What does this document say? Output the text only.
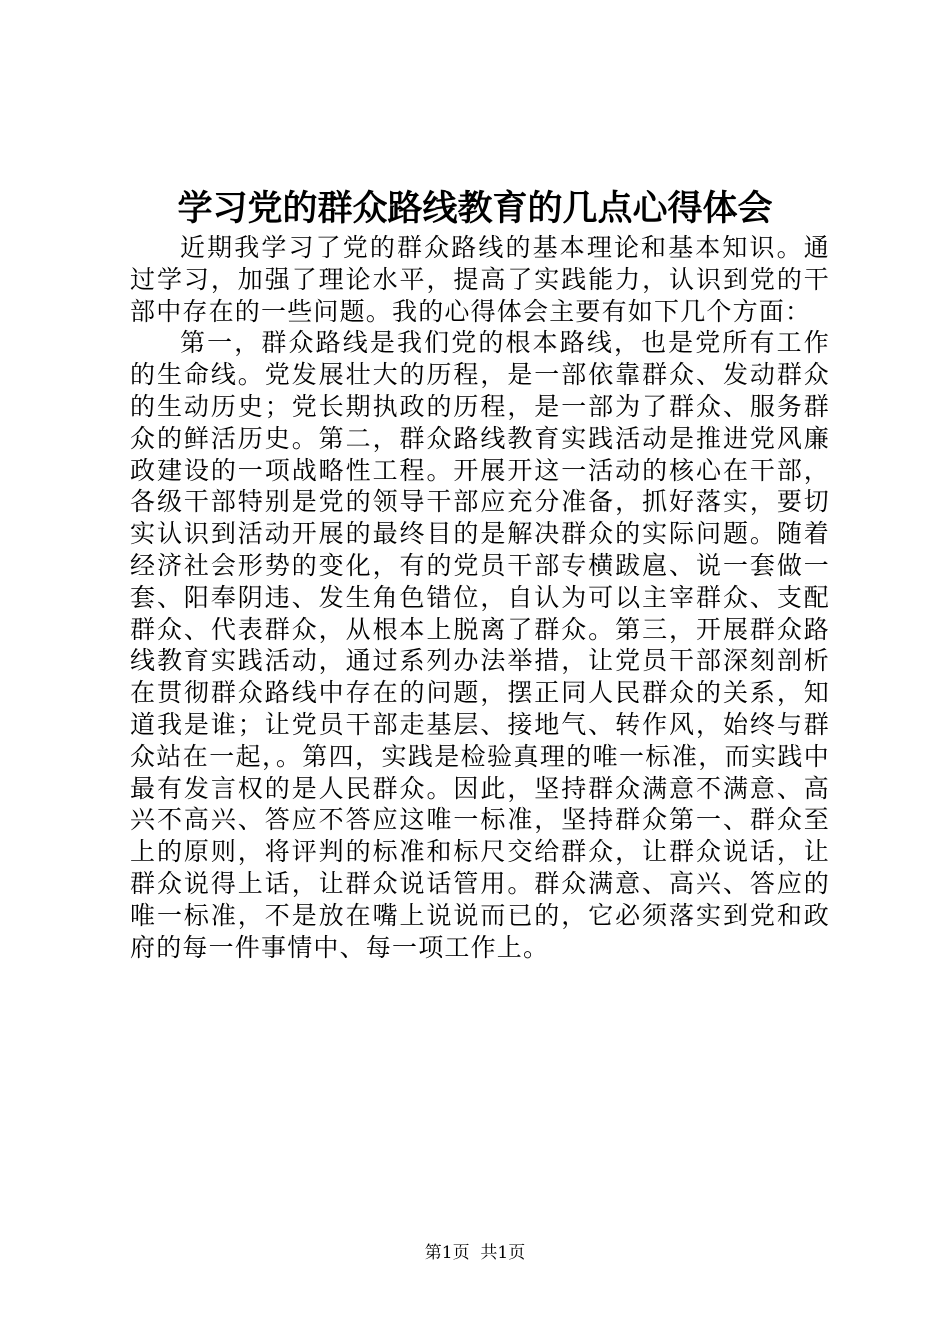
学习党的群众路线教育的几点心得体会

近期我学习了党的群众路线的基本理论和基本知识。通过学习，加强了理论水平，提高了实践能力，认识到党的干部中存在的一些问题。我的心得体会主要有如下几个方面：

第一，群众路线是我们党的根本路线，也是党所有工作的生命线。党发展壮大的历程，是一部依靠群众、发动群众的生动历史；党长期执政的历程，是一部为了群众、服务群众的鲜活历史。第二，群众路线教育实践活动是推进党风廉政建设的一项战略性工程。开展开这一活动的核心在干部，各级干部特别是党的领导干部应充分准备，抓好落实，要切实认识到活动开展的最终目的是解决群众的实际问题。随着经济社会形势的变化，有的党员干部专横跋扈、说一套做一套、阳奉阴违、发生角色错位，自认为可以主宰群众、支配群众、代表群众，从根本上脱离了群众。第三，开展群众路线教育实践活动，通过系列办法举措，让党员干部深刻剖析在贯彻群众路线中存在的问题，摆正同人民群众的关系，知道我是谁；让党员干部走基层、接地气、转作风，始终与群众站在一起，。第四，实践是检验真理的唯一标准，而实践中最有发言权的是人民群众。因此，坚持群众满意不满意、高兴不高兴、答应不答应这唯一标准，坚持群众第一、群众至上的原则，将评判的标准和标尺交给群众，让群众说话，让群众说得上话，让群众说话管用。群众满意、高兴、答应的唯一标准，不是放在嘴上说说而已的，它必须落实到党和政府的每一件事情中、每一项工作上。

第1页  共1页
